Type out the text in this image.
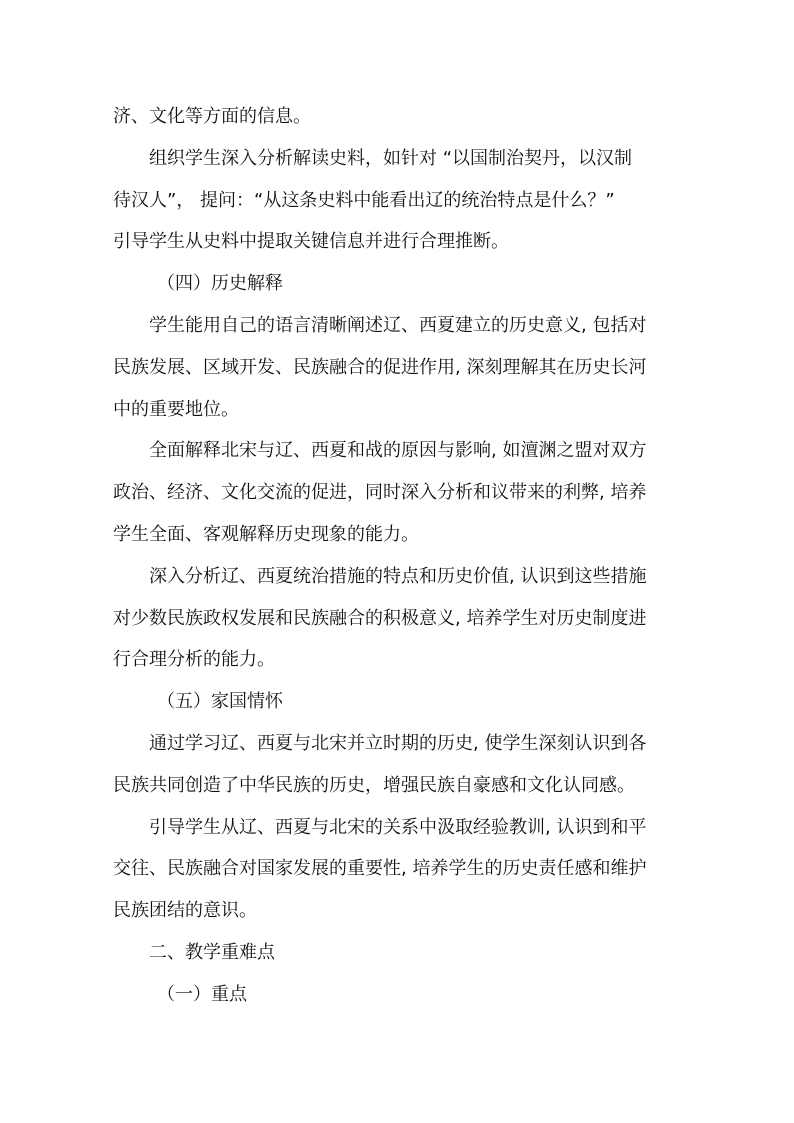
济、文化等方面的信息。

组织学生深入分析解读史料，如针对 “以国制治契丹，以汉制

待汉人”， 提问：“从这条史料中能看出辽的统治特点是什么？”

引导学生从史料中提取关键信息并进行合理推断。

（四）历史解释

学生能用自己的语言清晰阐述辽、西夏建立的历史意义, 包括对

民族发展、区域开发、民族融合的促进作用, 深刻理解其在历史长河

中的重要地位。

全面解释北宋与辽、西夏和战的原因与影响, 如澶渊之盟对双方

政治、经济、文化交流的促进，同时深入分析和议带来的利弊, 培养

学生全面、客观解释历史现象的能力。

深入分析辽、西夏统治措施的特点和历史价值, 认识到这些措施

对少数民族政权发展和民族融合的积极意义, 培养学生对历史制度进

行合理分析的能力。

（五）家国情怀

通过学习辽、西夏与北宋并立时期的历史, 使学生深刻认识到各

民族共同创造了中华民族的历史，增强民族自豪感和文化认同感。

引导学生从辽、西夏与北宋的关系中汲取经验教训, 认识到和平

交往、民族融合对国家发展的重要性, 培养学生的历史责任感和维护

民族团结的意识。

二、教学重难点

（一）重点
